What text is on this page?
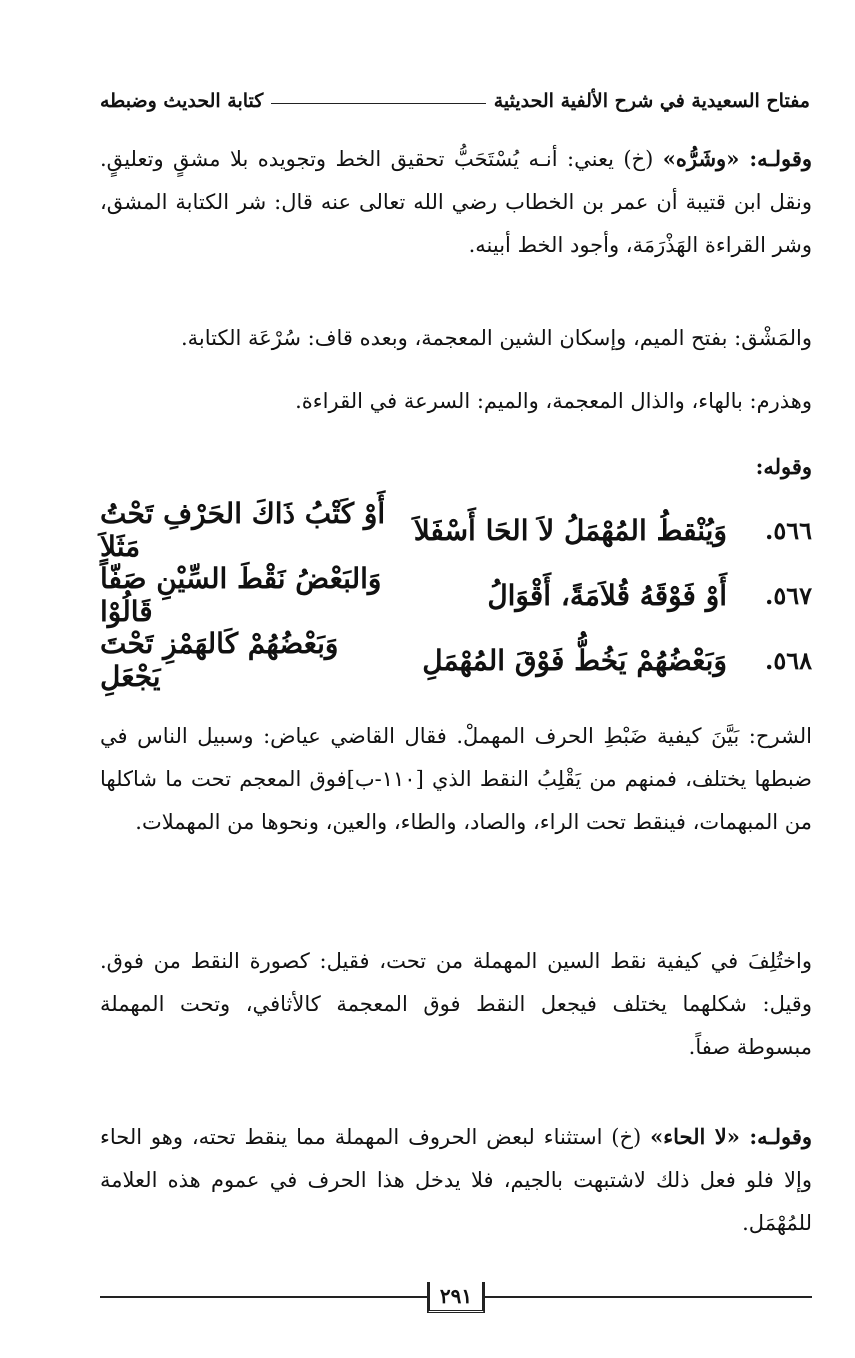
مفتاح السعيدية في شرح الألفية الحديثية
كتابة الحديث وضبطه
وقولـه: «وشَرُّه» (خ) يعني: أنـه يُسْتَحَبُّ تحقيق الخط وتجويده بلا مشقٍ وتعليقٍ. ونقل ابن قتيبة أن عمر بن الخطاب رضي الله تعالى عنه قال: شر الكتابة المشق، وشر القراءة الهَذْرَمَة، وأجود الخط أبينه.
والمَشْق: بفتح الميم، وإسكان الشين المعجمة، وبعده قاف: سُرْعَة الكتابة.
وهذرم: بالهاء، والذال المعجمة، والميم: السرعة في القراءة.
وقوله:
٥٦٦.
وَيُنْقطُ المُهْمَلُ لاَ الحَا أَسْفَلاَ
أَوْ كَتْبُ ذَاكَ الحَرْفِ تَحْتُ مَثَلاَ
٥٦٧.
أَوْ فَوْقَهُ قُلاَمَةً، أَقْوَالُ
وَالبَعْضُ نَقْطَ السِّيْنِ صَفّاً قَالُوْا
٥٦٨.
وَبَعْضُهُمْ يَخُطُّ فَوْقَ المُهْمَلِ
وَبَعْضُهُمْ كَالهَمْزِ تَحْتَ يَجْعَلِ
الشرح: بَيَّنَ كيفية ضَبْطِ الحرف المهملْ. فقال القاضي عياض: وسبيل الناس في ضبطها يختلف، فمنهم من يَقْلِبُ النقط الذي [١١٠-ب]فوق المعجم تحت ما شاكلها من المبهمات، فينقط تحت الراء، والصاد، والطاء، والعين، ونحوها من المهملات.
واختُلِفَ في كيفية نقط السين المهملة من تحت، فقيل: كصورة النقط من فوق. وقيل: شكلهما يختلف فيجعل النقط فوق المعجمة كالأثافي، وتحت المهملة مبسوطة صفاً.
وقولـه: «لا الحاء» (خ) استثناء لبعض الحروف المهملة مما ينقط تحته، وهو الحاء وإلا فلو فعل ذلك لاشتبهت بالجيم، فلا يدخل هذا الحرف في عموم هذه العلامة للمُهْمَل.
٢٩١
